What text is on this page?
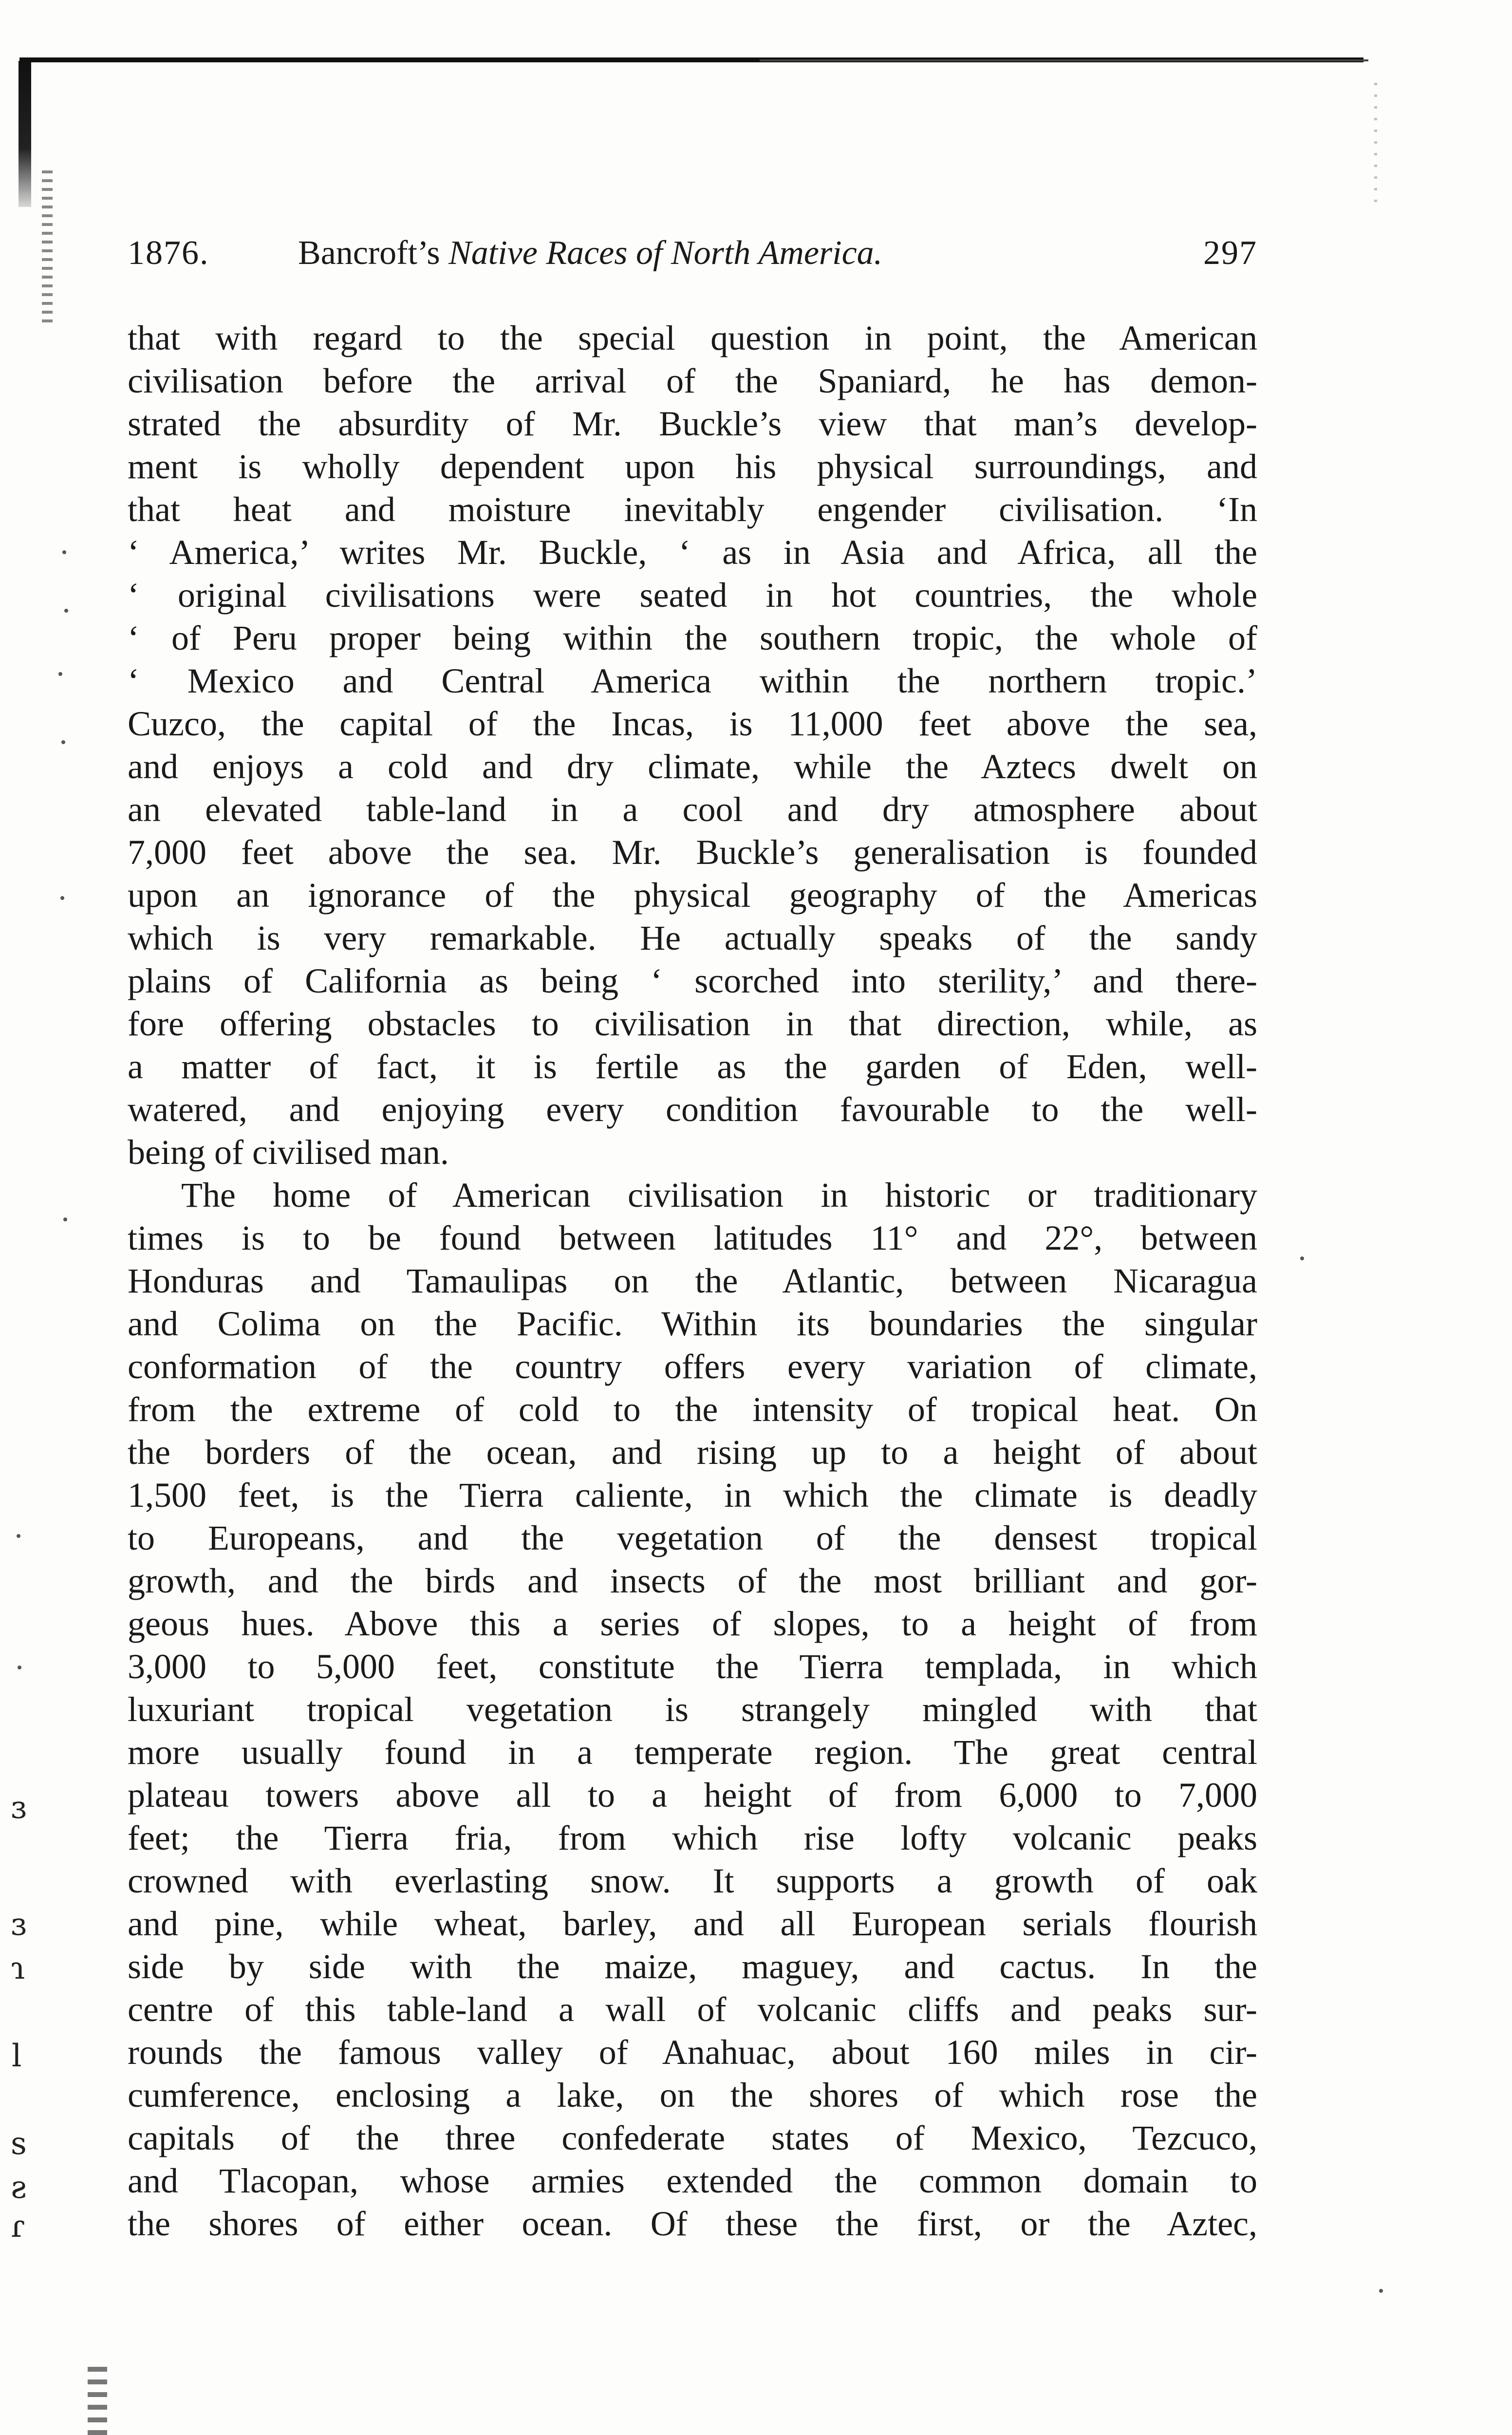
1876.	Bancroft’s Native Races of North America.	297
that with regard to the special question in point, the American
civilisation before the arrival of the Spaniard, he has demon-
strated the absurdity of Mr. Buckle’s view that man’s develop-
ment is wholly dependent upon his physical surroundings, and
that heat and moisture inevitably engender civilisation. ‘In
‘ America,’ writes Mr. Buckle, ‘ as in Asia and Africa, all the
‘ original civilisations were seated in hot countries, the whole
‘ of Peru proper being within the southern tropic, the whole of
‘ Mexico and Central America within the northern tropic.’
Cuzco, the capital of the Incas, is 11,000 feet above the sea,
and enjoys a cold and dry climate, while the Aztecs dwelt on
an elevated table-land in a cool and dry atmosphere about
7,000 feet above the sea. Mr. Buckle’s generalisation is founded
upon an ignorance of the physical geography of the Americas
which is very remarkable. He actually speaks of the sandy
plains of California as being ‘ scorched into sterility,’ and there-
fore offering obstacles to civilisation in that direction, while, as
a matter of fact, it is fertile as the garden of Eden, well-
watered, and enjoying every condition favourable to the well-
being of civilised man.
The home of American civilisation in historic or traditionary
times is to be found between latitudes 11° and 22°, between
Honduras and Tamaulipas on the Atlantic, between Nicaragua
and Colima on the Pacific. Within its boundaries the singular
conformation of the country offers every variation of climate,
from the extreme of cold to the intensity of tropical heat. On
the borders of the ocean, and rising up to a height of about
1,500 feet, is the Tierra caliente, in which the climate is deadly
to Europeans, and the vegetation of the densest tropical
growth, and the birds and insects of the most brilliant and gor-
geous hues. Above this a series of slopes, to a height of from
3,000 to 5,000 feet, constitute the Tierra templada, in which
luxuriant tropical vegetation is strangely mingled with that
more usually found in a temperate region. The great central
plateau towers above all to a height of from 6,000 to 7,000
feet; the Tierra fria, from which rise lofty volcanic peaks
crowned with everlasting snow. It supports a growth of oak
and pine, while wheat, barley, and all European serials flourish
side by side with the maize, maguey, and cactus. In the
centre of this table-land a wall of volcanic cliffs and peaks sur-
rounds the famous valley of Anahuac, about 160 miles in cir-
cumference, enclosing a lake, on the shores of which rose the
capitals of the three confederate states of Mexico, Tezcuco,
and Tlacopan, whose armies extended the common domain to
the shores of either ocean. Of these the first, or the Aztec,
ɜ
ɜ
ɿ
l
s
ƨ
ɾ
